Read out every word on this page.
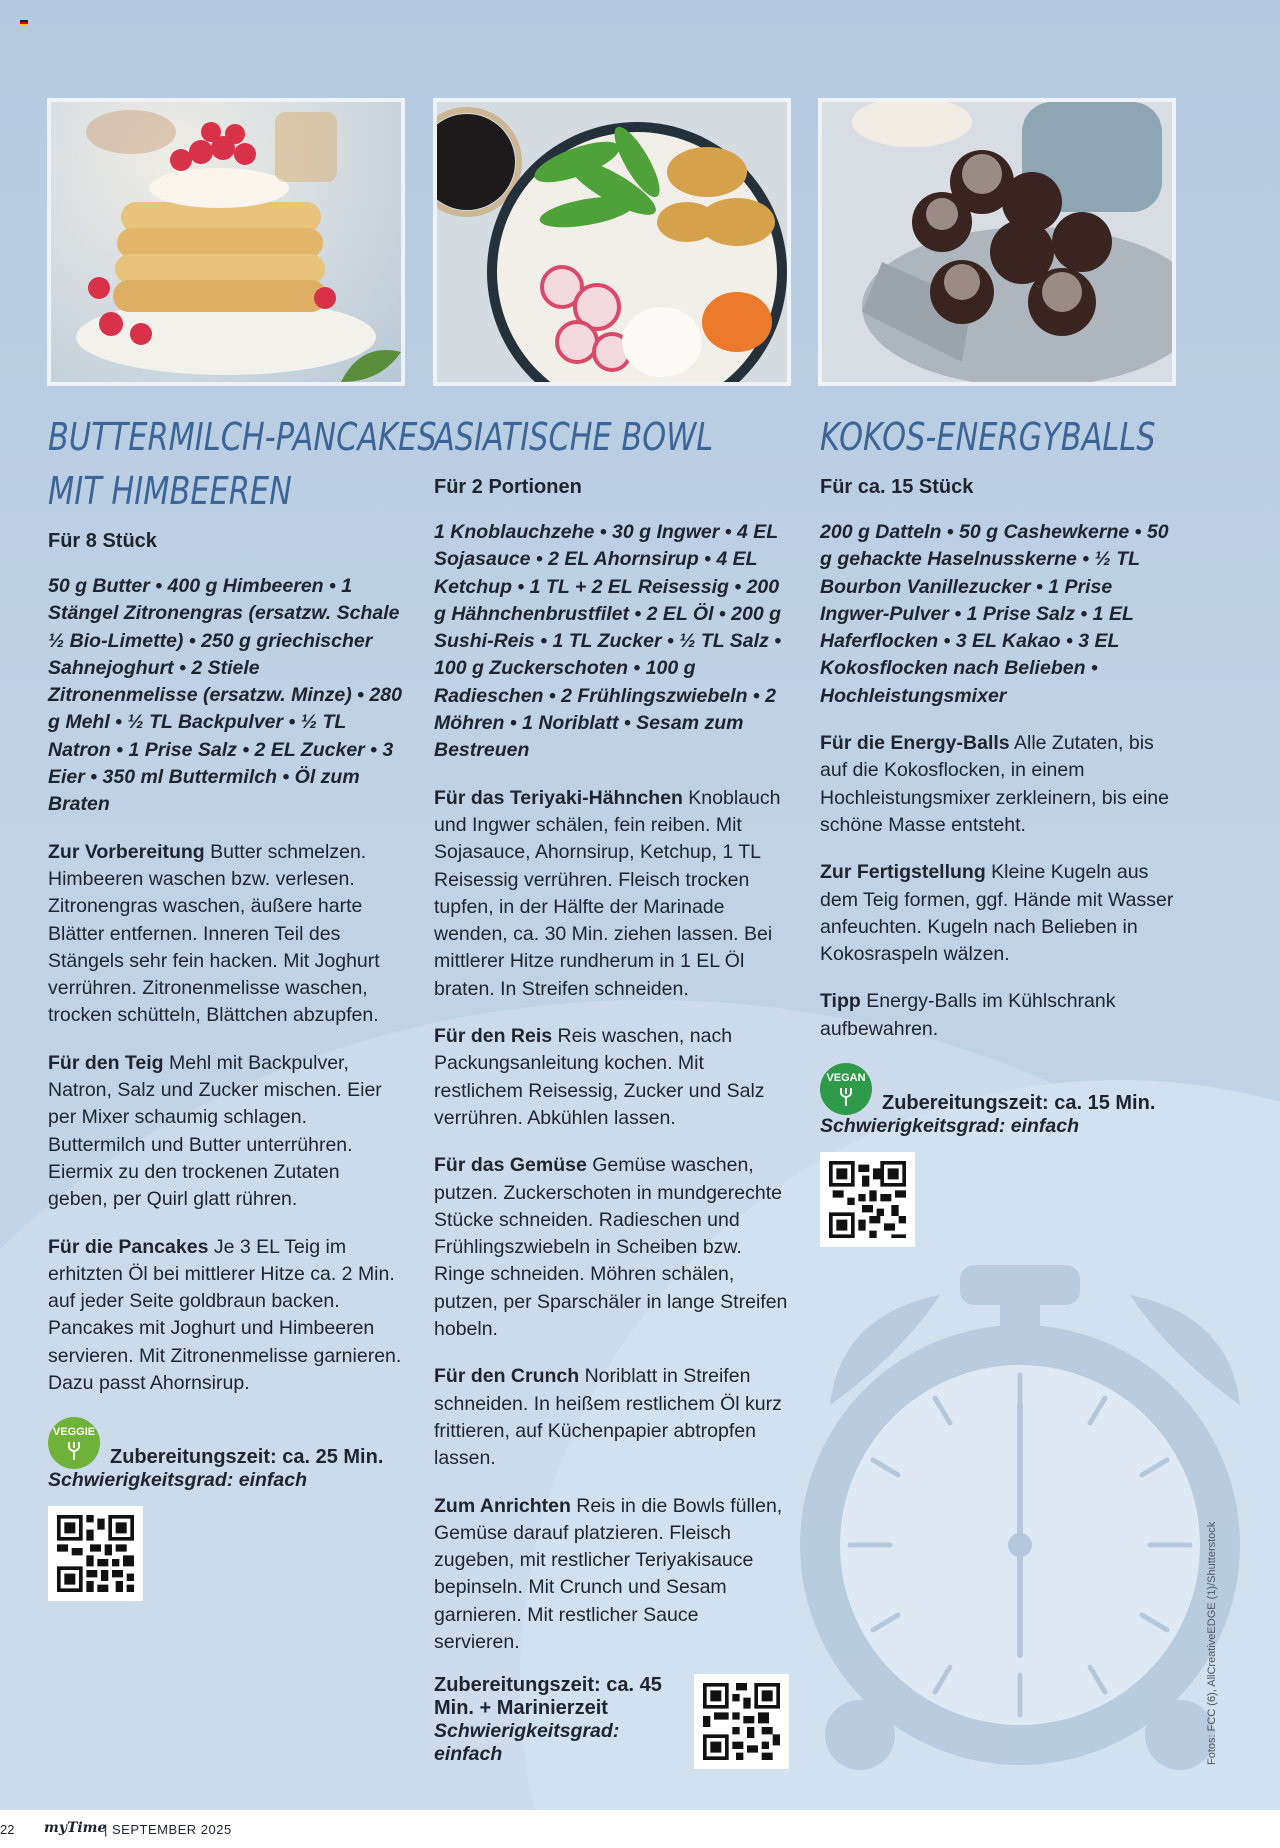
BUTTERMILCH-PANCAKES
MIT HIMBEEREN
Für 8 Stück
50 g Butter • 400 g Himbeeren • 1 Stängel Zitronengras (ersatzw. Schale ½ Bio-Limette) • 250 g griechischer Sahnejoghurt • 2 Stiele Zitronenmelisse (ersatzw. Minze) • 280 g Mehl • ½ TL Backpulver • ½ TL Natron • 1 Prise Salz • 2 EL Zucker • 3 Eier • 350 ml Buttermilch • Öl zum Braten
Zur Vorbereitung Butter schmelzen. Himbeeren waschen bzw. verlesen. Zitronengras waschen, äußere harte Blätter entfernen. Inneren Teil des Stängels sehr fein hacken. Mit Joghurt verrühren. Zitronenmelisse waschen, trocken schütteln, Blättchen abzupfen.
Für den Teig Mehl mit Backpulver, Natron, Salz und Zucker mischen. Eier per Mixer schaumig schlagen. Buttermilch und Butter unterrühren. Eiermix zu den trockenen Zutaten geben, per Quirl glatt rühren.
Für die Pancakes Je 3 EL Teig im erhitzten Öl bei mittlerer Hitze ca. 2 Min. auf jeder Seite goldbraun backen. Pancakes mit Joghurt und Himbeeren servieren. Mit Zitronenmelisse garnieren. Dazu passt Ahornsirup.
VEGGIE
Zubereitungszeit: ca. 25 Min.
Schwierigkeitsgrad: einfach
ASIATISCHE BOWL
Für 2 Portionen
1 Knoblauchzehe • 30 g Ingwer • 4 EL Sojasauce • 2 EL Ahornsirup • 4 EL Ketchup • 1 TL + 2 EL Reisessig • 200 g Hähnchenbrustfilet • 2 EL Öl • 200 g Sushi-Reis • 1 TL Zucker • ½ TL Salz • 100 g Zuckerschoten • 100 g Radieschen • 2 Frühlingszwiebeln • 2 Möhren • 1 Noriblatt • Sesam zum Bestreuen
Für das Teriyaki-Hähnchen Knoblauch und Ingwer schälen, fein reiben. Mit Sojasauce, Ahornsirup, Ketchup, 1 TL Reisessig verrühren. Fleisch trocken tupfen, in der Hälfte der Marinade wenden, ca. 30 Min. ziehen lassen. Bei mittlerer Hitze rundherum in 1 EL Öl braten. In Streifen schneiden.
Für den Reis Reis waschen, nach Packungsanleitung kochen. Mit restlichem Reisessig, Zucker und Salz verrühren. Abkühlen lassen.
Für das Gemüse Gemüse waschen, putzen. Zuckerschoten in mundgerechte Stücke schneiden. Radieschen und Frühlingszwiebeln in Scheiben bzw. Ringe schneiden. Möhren schälen, putzen, per Sparschäler in lange Streifen hobeln.
Für den Crunch Noriblatt in Streifen schneiden. In heißem restlichem Öl kurz frittieren, auf Küchenpapier abtropfen lassen.
Zum Anrichten Reis in die Bowls füllen, Gemüse darauf platzieren. Fleisch zugeben, mit restlicher Teriyakisauce bepinseln. Mit Crunch und Sesam garnieren. Mit restlicher Sauce servieren.
Zubereitungszeit: ca. 45 Min. + Marinierzeit
Schwierigkeitsgrad: einfach
KOKOS-ENERGYBALLS
Für ca. 15 Stück
200 g Datteln • 50 g Cashewkerne • 50 g gehackte Haselnusskerne • ½ TL Bourbon Vanillezucker • 1 Prise Ingwer-Pulver • 1 Prise Salz • 1 EL Haferflocken • 3 EL Kakao • 3 EL Kokosflocken nach Belieben • Hochleistungsmixer
Für die Energy-Balls Alle Zutaten, bis auf die Kokosflocken, in einem Hochleistungsmixer zerkleinern, bis eine schöne Masse entsteht.
Zur Fertigstellung Kleine Kugeln aus dem Teig formen, ggf. Hände mit Wasser anfeuchten. Kugeln nach Belieben in Kokosraspeln wälzen.
Tipp Energy-Balls im Kühlschrank aufbewahren.
VEGAN
Zubereitungszeit: ca. 15 Min.
Schwierigkeitsgrad: einfach
Fotos: FCC (6), AllCreativeEDGE (1)/Shutterstock
22 myTime
| SEPTEMBER 2025
